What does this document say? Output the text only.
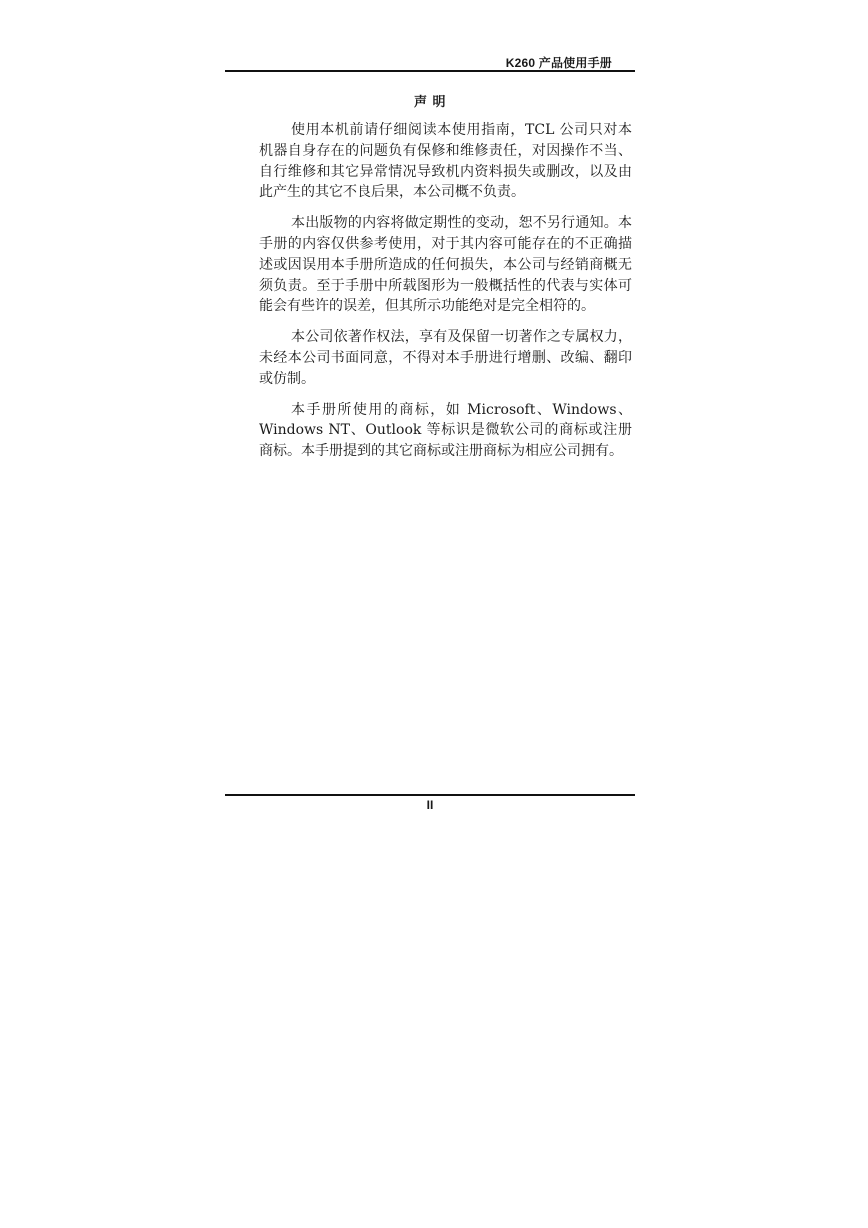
K260 产品使用手册
声 明

使用本机前请仔细阅读本使用指南，TCL 公司只对本机器自身存在的问题负有保修和维修责任，对因操作不当、自行维修和其它异常情况导致机内资料损失或删改，以及由此产生的其它不良后果，本公司概不负责。

本出版物的内容将做定期性的变动，恕不另行通知。本手册的内容仅供参考使用，对于其内容可能存在的不正确描述或因误用本手册所造成的任何损失，本公司与经销商概无须负责。至于手册中所载图形为一般概括性的代表与实体可能会有些许的误差，但其所示功能绝对是完全相符的。

本公司依著作权法，享有及保留一切著作之专属权力，未经本公司书面同意，不得对本手册进行增删、改编、翻印或仿制。

本手册所使用的商标，如 Microsoft、Windows、Windows NT、Outlook 等标识是微软公司的商标或注册商标。本手册提到的其它商标或注册商标为相应公司拥有。

II
